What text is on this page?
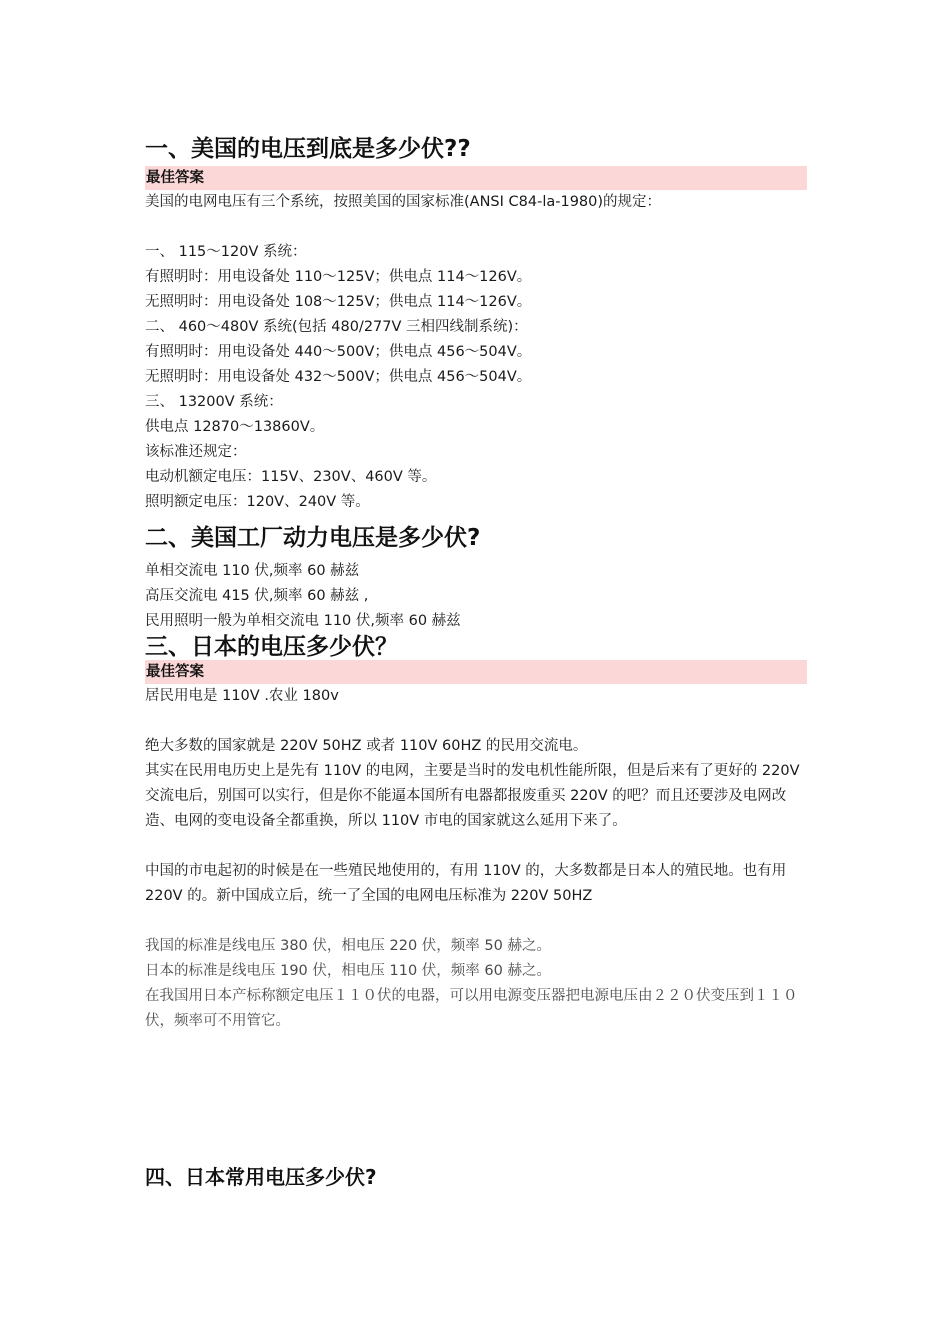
一、美国的电压到底是多少伏??
最佳答案
美国的电网电压有三个系统，按照美国的国家标准(ANSI C84-la-1980)的规定：
一、 115～120V 系统：
有照明时：用电设备处 110～125V；供电点 114～126V。
无照明时：用电设备处 108～125V；供电点 114～126V。
二、 460～480V 系统(包括 480/277V 三相四线制系统)：
有照明时：用电设备处 440～500V；供电点 456～504V。
无照明时：用电设备处 432～500V；供电点 456～504V。
三、 13200V 系统：
供电点 12870～13860V。
该标准还规定：
电动机额定电压：115V、230V、460V 等。
照明额定电压：120V、240V 等。
二、美国工厂动力电压是多少伏?
单相交流电 110 伏,频率 60 赫兹
高压交流电 415 伏,频率 60 赫兹 ,
民用照明一般为单相交流电 110 伏,频率 60 赫兹
三、日本的电压多少伏？
最佳答案
居民用电是 110V .农业 180v
绝大多数的国家就是 220V 50HZ 或者 110V 60HZ 的民用交流电。
其实在民用电历史上是先有 110V 的电网，主要是当时的发电机性能所限，但是后来有了更好的 220V 交流电后，别国可以实行，但是你不能逼本国所有电器都报废重买 220V 的吧？而且还要涉及电网改造、电网的变电设备全都重换，所以 110V 市电的国家就这么延用下来了。
中国的市电起初的时候是在一些殖民地使用的，有用 110V 的，大多数都是日本人的殖民地。也有用 220V 的。新中国成立后，统一了全国的电网电压标准为 220V 50HZ
我国的标准是线电压 380 伏，相电压 220 伏，频率 50 赫之。
日本的标准是线电压 190 伏，相电压 110 伏，频率 60 赫之。
在我国用日本产标称额定电压１１０伏的电器，可以用电源变压器把电源电压由２２０伏变压到１１０伏，频率可不用管它。
四、日本常用电压多少伏?
